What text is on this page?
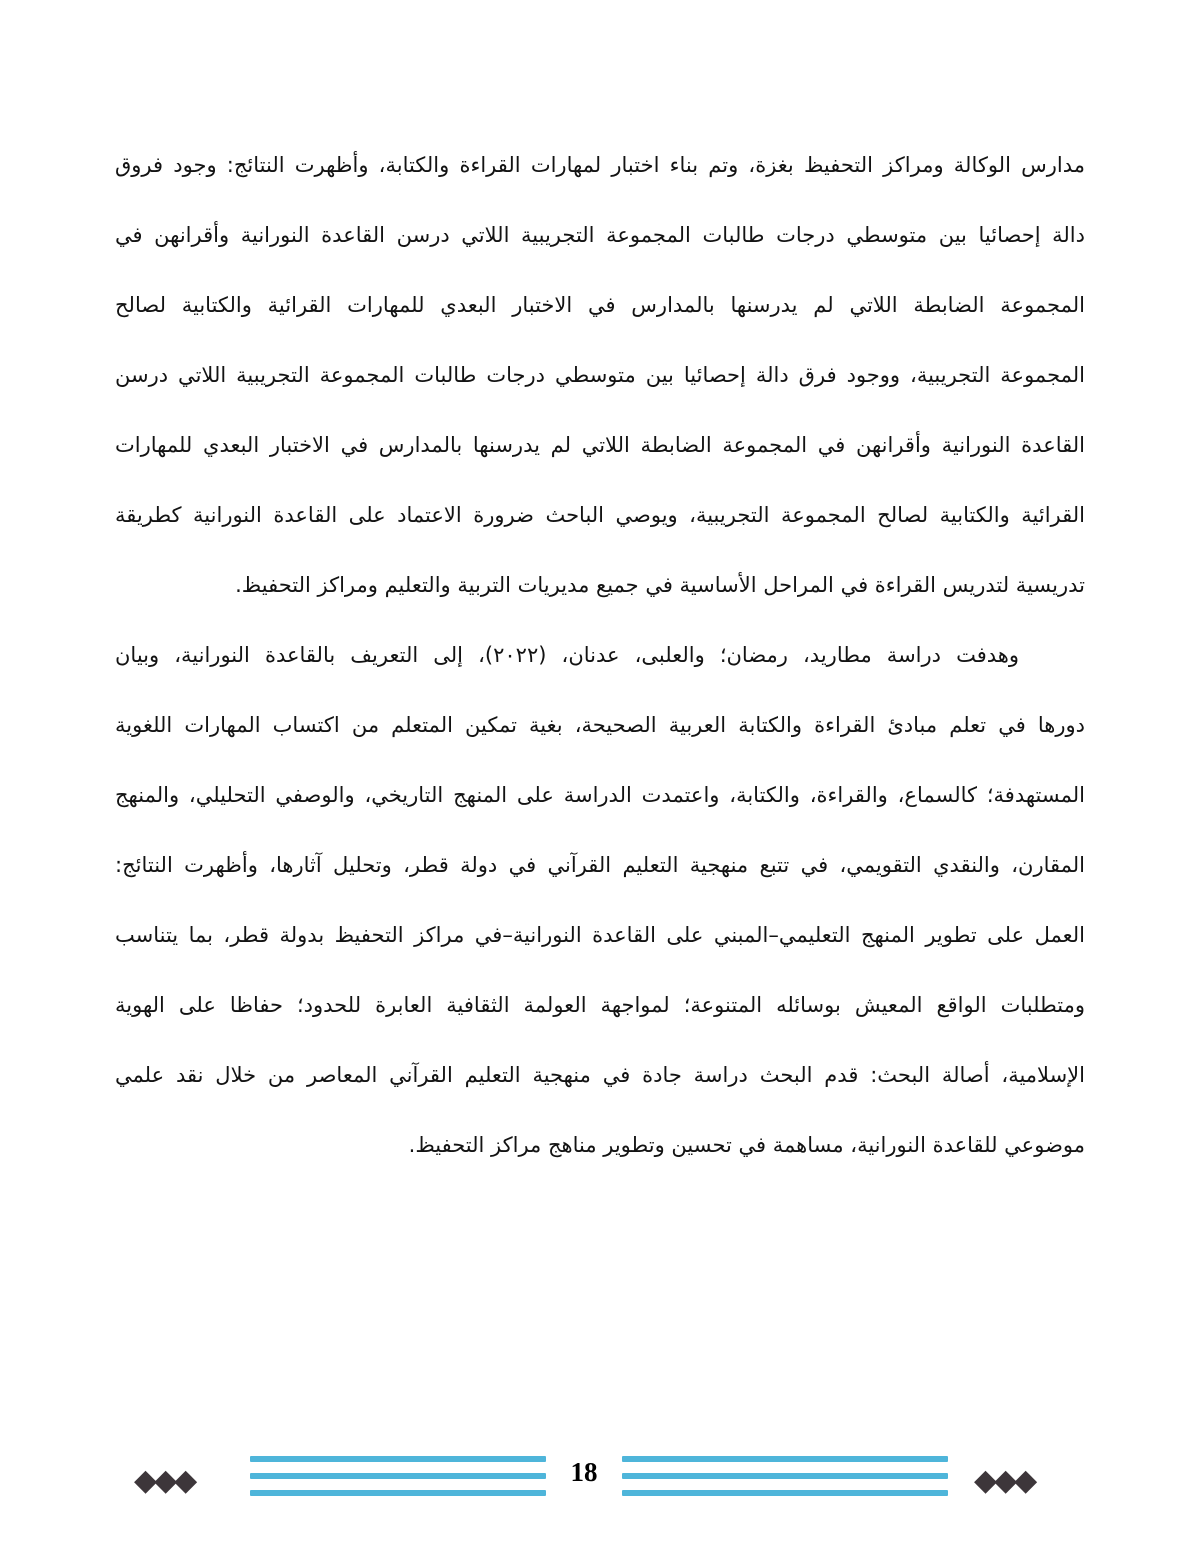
مدارس الوكالة ومراكز التحفيظ بغزة، وتم بناء اختبار لمهارات القراءة والكتابة، وأظهرت النتائج: وجود فروق
دالة إحصائيا بين متوسطي درجات طالبات المجموعة التجريبية اللاتي درسن القاعدة النورانية وأقرانهن في
المجموعة الضابطة اللاتي لم يدرسنها بالمدارس في الاختبار البعدي للمهارات القرائية والكتابية لصالح
المجموعة التجريبية، ووجود فرق دالة إحصائيا بين متوسطي درجات طالبات المجموعة التجريبية اللاتي درسن
القاعدة النورانية وأقرانهن في المجموعة الضابطة اللاتي لم يدرسنها بالمدارس في الاختبار البعدي للمهارات
القرائية والكتابية لصالح المجموعة التجريبية، ويوصي الباحث ضرورة الاعتماد على القاعدة النورانية كطريقة
تدريسية لتدريس القراءة في المراحل الأساسية في جميع مديريات التربية والتعليم ومراكز التحفيظ.
وهدفت دراسة مطاريد، رمضان؛ والعلبى، عدنان، (٢٠٢٢)، إلى التعريف بالقاعدة النورانية، وبيان
دورها في تعلم مبادئ القراءة والكتابة العربية الصحيحة، بغية تمكين المتعلم من اكتساب المهارات اللغوية
المستهدفة؛ كالسماع، والقراءة، والكتابة، واعتمدت الدراسة على المنهج التاريخي، والوصفي التحليلي، والمنهج
المقارن، والنقدي التقويمي، في تتبع منهجية التعليم القرآني في دولة قطر، وتحليل آثارها، وأظهرت النتائج:
العمل على تطوير المنهج التعليمي–المبني على القاعدة النورانية–في مراكز التحفيظ بدولة قطر، بما يتناسب
ومتطلبات الواقع المعيش بوسائله المتنوعة؛ لمواجهة العولمة الثقافية العابرة للحدود؛ حفاظا على الهوية
الإسلامية، أصالة البحث: قدم البحث دراسة جادة في منهجية التعليم القرآني المعاصر من خلال نقد علمي
موضوعي للقاعدة النورانية، مساهمة في تحسين وتطوير مناهج مراكز التحفيظ.
◆◆◆	18	◆◆◆
